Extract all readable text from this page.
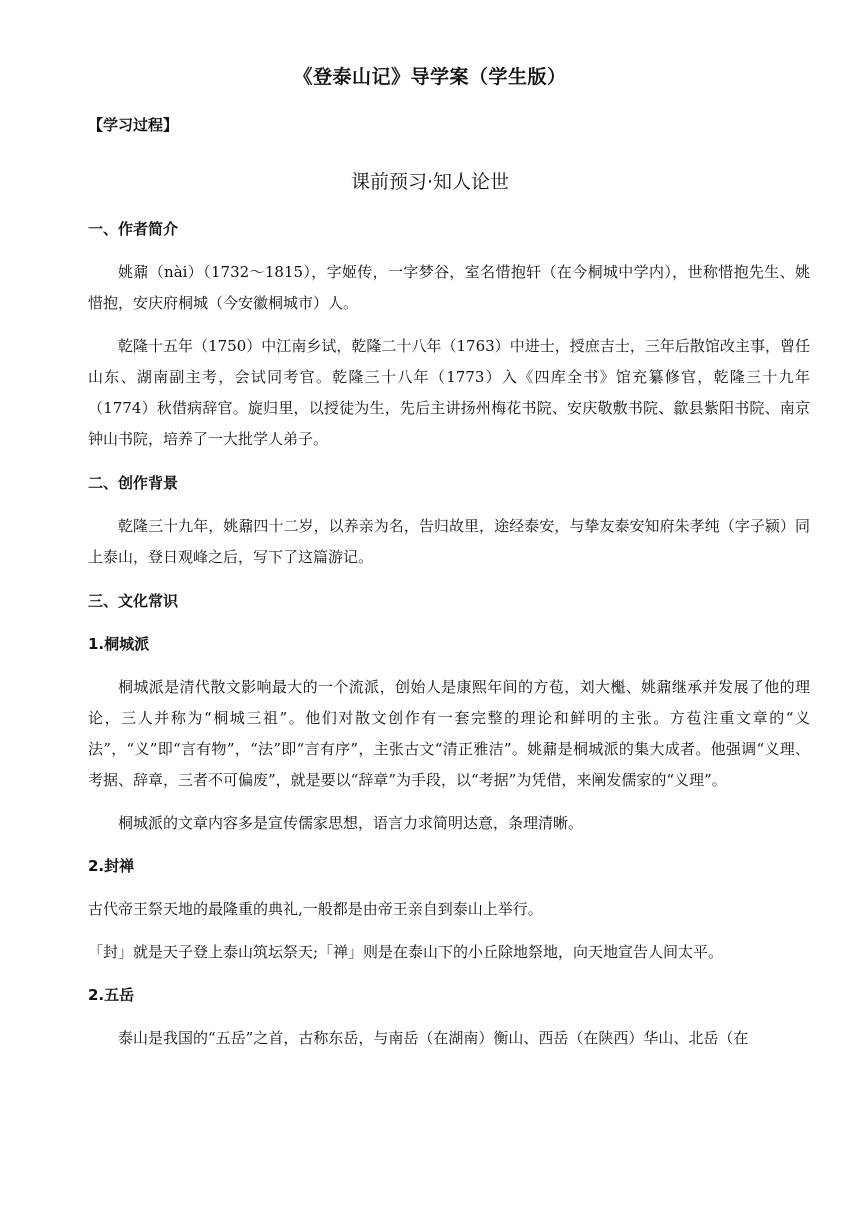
《登泰山记》导学案（学生版）
【学习过程】
课前预习·知人论世
一、作者简介

姚鼐（nài）（1732～1815），字姬传，一字梦谷，室名惜抱轩（在今桐城中学内），世称惜抱先生、姚惜抱，安庆府桐城（今安徽桐城市）人。

乾隆十五年（1750）中江南乡试，乾隆二十八年（1763）中进士，授庶吉士，三年后散馆改主事，曾任山东、湖南副主考，会试同考官。乾隆三十八年（1773）入《四库全书》馆充纂修官，乾隆三十九年（1774）秋借病辞官。旋归里，以授徒为生，先后主讲扬州梅花书院、安庆敬敷书院、歙县紫阳书院、南京钟山书院，培养了一大批学人弟子。

二、创作背景

乾隆三十九年，姚鼐四十二岁，以养亲为名，告归故里，途经泰安，与挚友泰安知府朱孝纯（字子颍）同上泰山，登日观峰之后，写下了这篇游记。

三、文化常识
1.桐城派

桐城派是清代散文影响最大的一个流派，创始人是康熙年间的方苞，刘大櫆、姚鼐继承并发展了他的理论，三人并称为“桐城三祖”。他们对散文创作有一套完整的理论和鲜明的主张。方苞注重文章的“义法”，“义”即“言有物”，“法”即“言有序”，主张古文“清正雅洁”。姚鼐是桐城派的集大成者。他强调“义理、考据、辞章，三者不可偏废”，就是要以“辞章”为手段，以“考据”为凭借，来阐发儒家的“义理”。

桐城派的文章内容多是宣传儒家思想，语言力求简明达意，条理清晰。

2.封禅

古代帝王祭天地的最隆重的典礼,一般都是由帝王亲自到泰山上举行。

「封」就是天子登上泰山筑坛祭天;「禅」则是在泰山下的小丘除地祭地，向天地宣告人间太平。

2.五岳

泰山是我国的“五岳”之首，古称东岳，与南岳（在湖南）衡山、西岳（在陕西）华山、北岳（在
